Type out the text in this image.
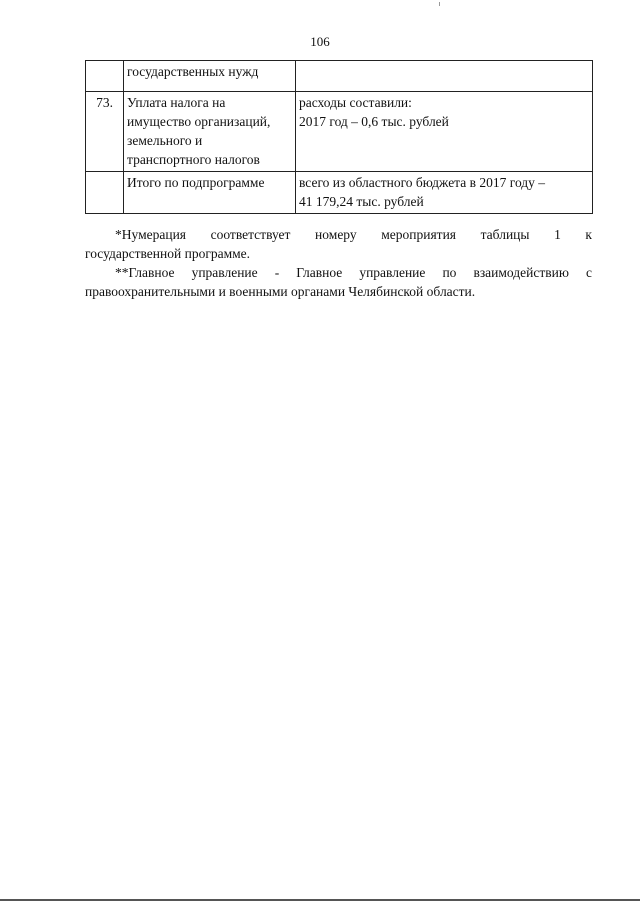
106

	государственных нужд	

73.	Уплата налога на
имущество организаций,
земельного и
транспортного налогов	расходы составили:
2017 год – 0,6 тыс. рублей

	Итого по подпрограмме	всего из областного бюджета в 2017 году –
41 179,24 тыс. рублей
*Нумерация соответствует номеру мероприятия таблицы 1 к
государственной программе.
**Главное управление - Главное управление по взаимодействию с
правоохранительными и военными органами Челябинской области.
